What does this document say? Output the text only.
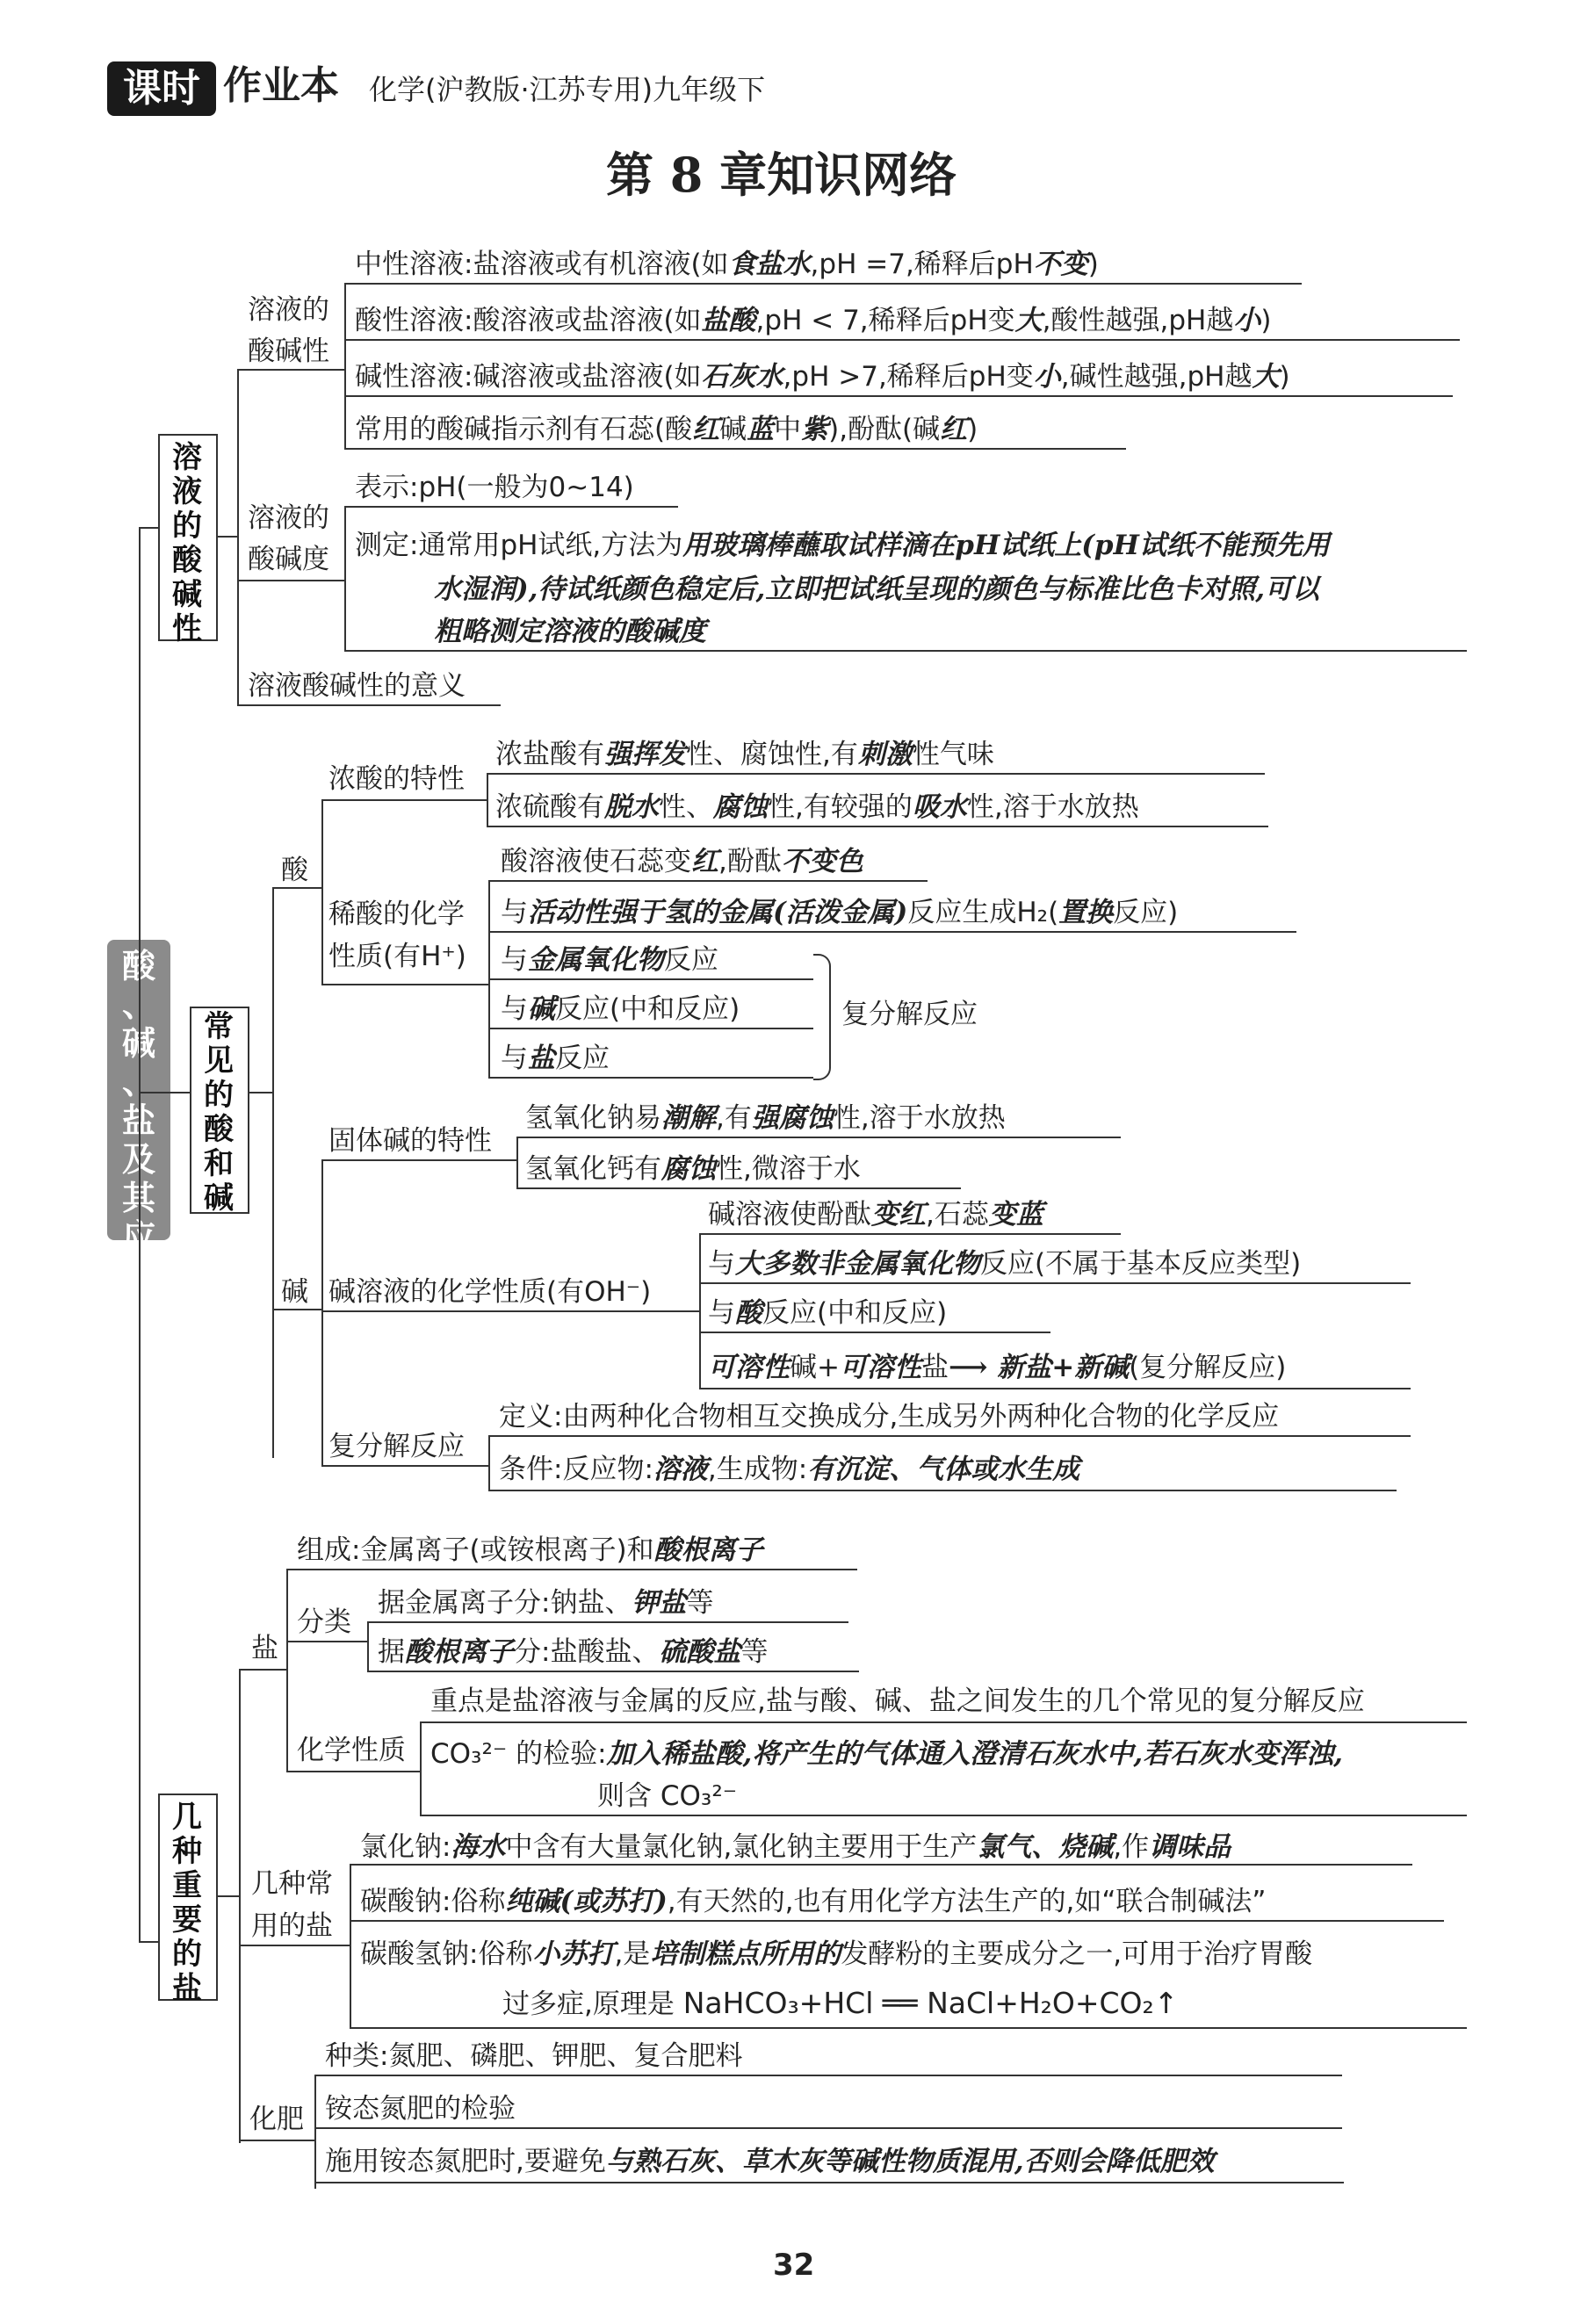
课时 作业本 化学(沪教版·江苏专用)九年级下
第 8 章知识网络
酸
、
碱
、
盐
及
其
应
用
溶
液
的
酸
碱
性
溶液的
酸碱性
中性溶液:盐溶液或有机溶液(如食盐水,pH =7,稀释后pH不变)
酸性溶液:酸溶液或盐溶液(如盐酸,pH < 7,稀释后pH变大,酸性越强,pH越小)
碱性溶液:碱溶液或盐溶液(如石灰水,pH >7,稀释后pH变小,碱性越强,pH越大)
常用的酸碱指示剂有石蕊(酸红碱蓝中紫),酚酞(碱红)
溶液的
酸碱度
表示:pH(一般为0~14)
测定:通常用pH试纸,方法为用玻璃棒蘸取试样滴在pH试纸上(pH试纸不能预先用
水湿润),待试纸颜色稳定后,立即把试纸呈现的颜色与标准比色卡对照,可以
粗略测定溶液的酸碱度
溶液酸碱性的意义
常
见
的
酸
和
碱
酸
浓酸的特性
浓盐酸有强挥发性、腐蚀性,有刺激性气味
浓硫酸有脱水性、腐蚀性,有较强的吸水性,溶于水放热
稀酸的化学
性质(有H⁺)
酸溶液使石蕊变红,酚酞不变色
与活动性强于氢的金属(活泼金属)反应生成H₂(置换反应)
与金属氧化物反应
与碱反应(中和反应)
与盐反应
复分解反应
碱
固体碱的特性
氢氧化钠易潮解,有强腐蚀性,溶于水放热
氢氧化钙有腐蚀性,微溶于水
碱溶液的化学性质(有OH⁻)
碱溶液使酚酞变红,石蕊变蓝
与大多数非金属氧化物反应(不属于基本反应类型)
与酸反应(中和反应)
可溶性碱+可溶性盐⟶ 新盐+新碱(复分解反应)
复分解反应
定义:由两种化合物相互交换成分,生成另外两种化合物的化学反应
条件:反应物:溶液,生成物:有沉淀、气体或水生成
几
种
重
要
的
盐
盐
组成:金属离子(或铵根离子)和酸根离子
分类
据金属离子分:钠盐、钾盐等
据酸根离子分:盐酸盐、硫酸盐等
化学性质
重点是盐溶液与金属的反应,盐与酸、碱、盐之间发生的几个常见的复分解反应
CO₃²⁻ 的检验:加入稀盐酸,将产生的气体通入澄清石灰水中,若石灰水变浑浊,
则含 CO₃²⁻
几种常
用的盐
氯化钠:海水中含有大量氯化钠,氯化钠主要用于生产氯气、烧碱,作调味品
碳酸钠:俗称纯碱(或苏打),有天然的,也有用化学方法生产的,如“联合制碱法”
碳酸氢钠:俗称小苏打,是培制糕点所用的发酵粉的主要成分之一,可用于治疗胃酸
过多症,原理是 NaHCO₃+HCl ══ NaCl+H₂O+CO₂↑
化肥
种类:氮肥、磷肥、钾肥、复合肥料
铵态氮肥的检验
施用铵态氮肥时,要避免与熟石灰、草木灰等碱性物质混用,否则会降低肥效
32
